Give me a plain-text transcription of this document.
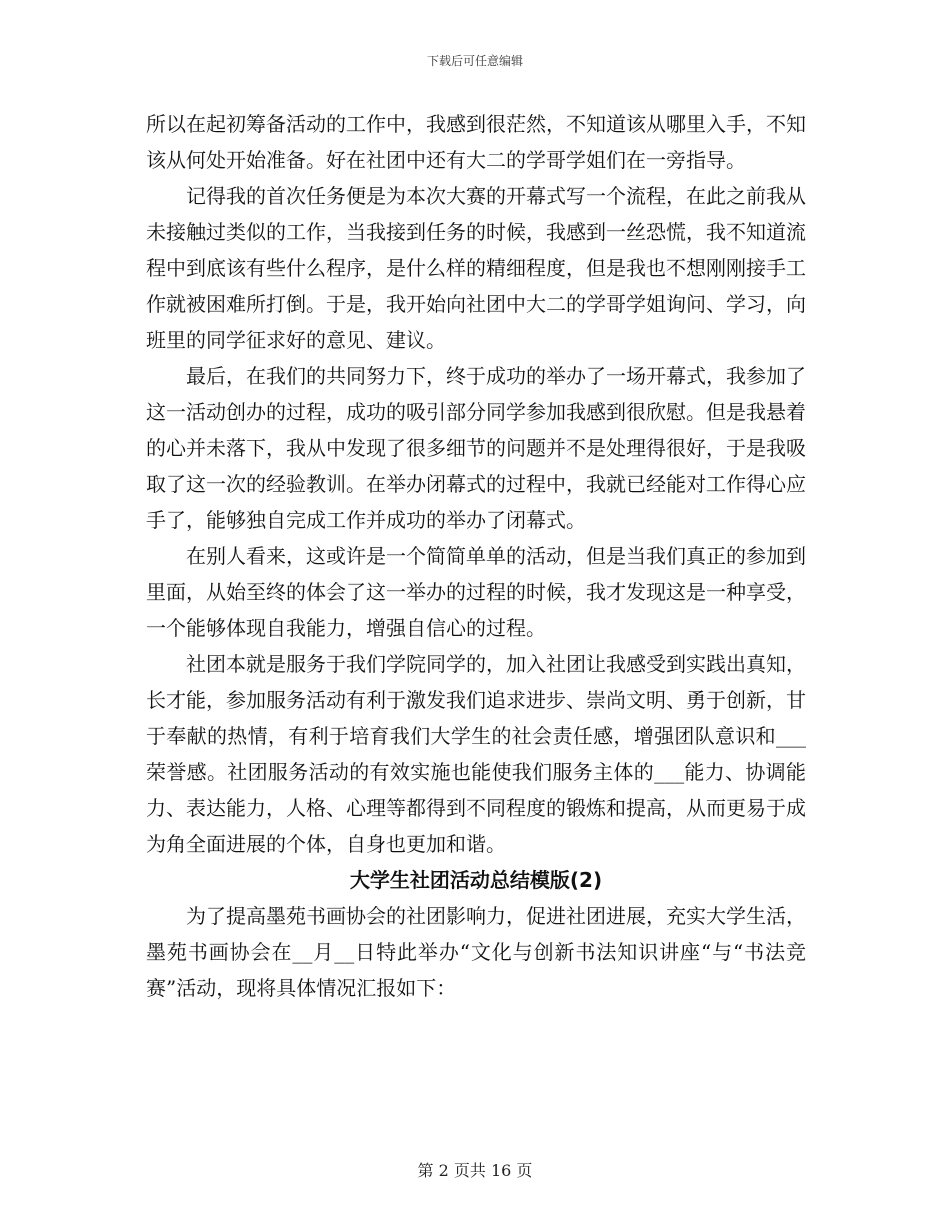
下载后可任意编辑

所以在起初筹备活动的工作中，我感到很茫然，不知道该从哪里入手，不知该从何处开始准备。好在社团中还有大二的学哥学姐们在一旁指导。

记得我的首次任务便是为本次大赛的开幕式写一个流程，在此之前我从未接触过类似的工作，当我接到任务的时候，我感到一丝恐慌，我不知道流程中到底该有些什么程序，是什么样的精细程度，但是我也不想刚刚接手工作就被困难所打倒。于是，我开始向社团中大二的学哥学姐询问、学习，向班里的同学征求好的意见、建议。

最后，在我们的共同努力下，终于成功的举办了一场开幕式，我参加了这一活动创办的过程，成功的吸引部分同学参加我感到很欣慰。但是我悬着的心并未落下，我从中发现了很多细节的问题并不是处理得很好，于是我吸取了这一次的经验教训。在举办闭幕式的过程中，我就已经能对工作得心应手了，能够独自完成工作并成功的举办了闭幕式。

在别人看来，这或许是一个简简单单的活动，但是当我们真正的参加到里面，从始至终的体会了这一举办的过程的时候，我才发现这是一种享受，一个能够体现自我能力，增强自信心的过程。

社团本就是服务于我们学院同学的，加入社团让我感受到实践出真知，长才能，参加服务活动有利于激发我们追求进步、崇尚文明、勇于创新，甘于奉献的热情，有利于培育我们大学生的社会责任感，增强团队意识和___荣誉感。社团服务活动的有效实施也能使我们服务主体的___能力、协调能力、表达能力，人格、心理等都得到不同程度的锻炼和提高，从而更易于成为角全面进展的个体，自身也更加和谐。

大学生社团活动总结模版(2)

为了提高墨苑书画协会的社团影响力，促进社团进展，充实大学生活，墨苑书画协会在__月__日特此举办“文化与创新书法知识讲座“与“书法竞赛”活动，现将具体情况汇报如下：

第 2 页共 16 页
